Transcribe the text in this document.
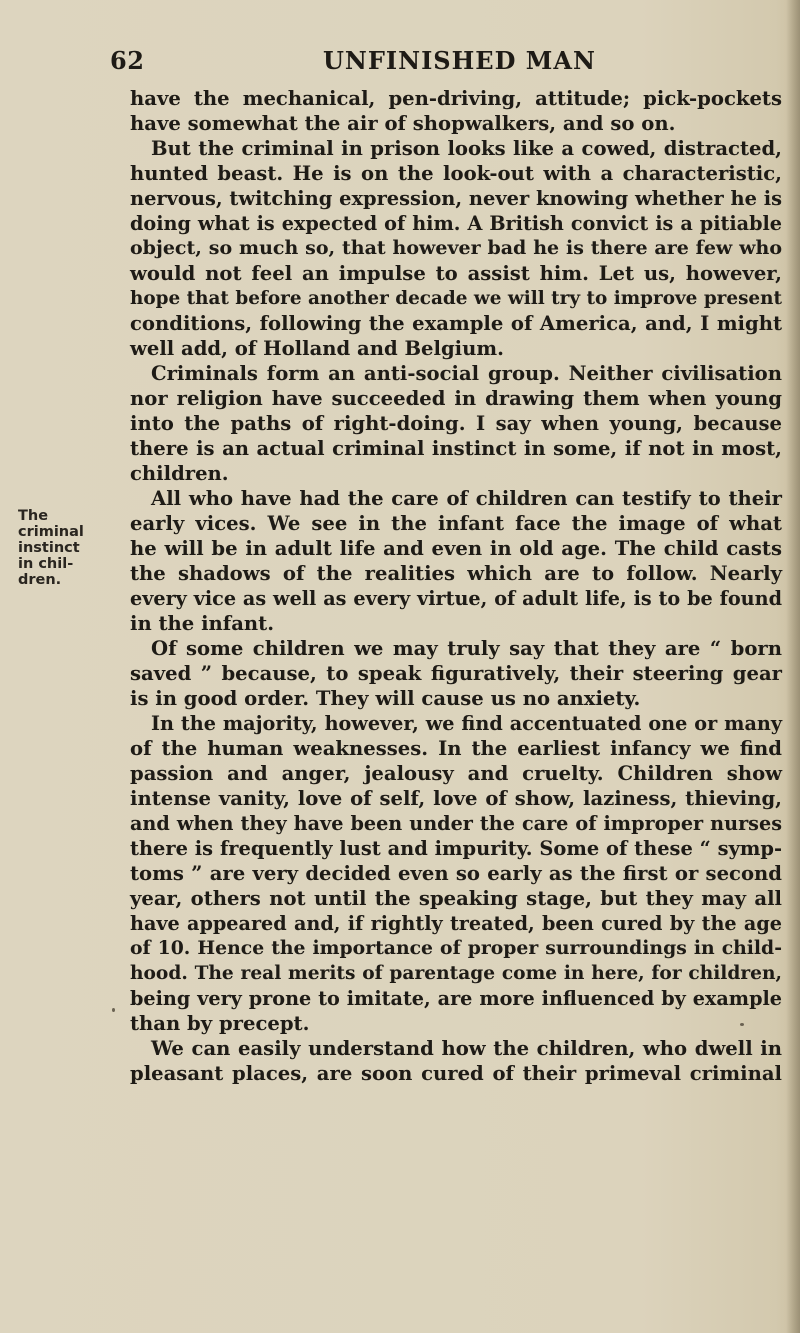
62	UNFINISHED MAN
The
criminal
instinct
in chil-
dren.
have the mechanical, pen-driving, attitude; pick-pockets
have somewhat the air of shopwalkers, and so on.
But the criminal in prison looks like a cowed, distracted,
hunted beast. He is on the look-out with a characteristic,
nervous, twitching expression, never knowing whether he is
doing what is expected of him. A British convict is a pitiable
object, so much so, that however bad he is there are few who
would not feel an impulse to assist him. Let us, however,
hope that before another decade we will try to improve present
conditions, following the example of America, and, I might
well add, of Holland and Belgium.
Criminals form an anti-social group. Neither civilisation
nor religion have succeeded in drawing them when young
into the paths of right-doing. I say when young, because
there is an actual criminal instinct in some, if not in most,
children.
All who have had the care of children can testify to their
early vices. We see in the infant face the image of what
he will be in adult life and even in old age. The child casts
the shadows of the realities which are to follow. Nearly
every vice as well as every virtue, of adult life, is to be found
in the infant.
Of some children we may truly say that they are “ born
saved ” because, to speak figuratively, their steering gear
is in good order. They will cause us no anxiety.
In the majority, however, we find accentuated one or many
of the human weaknesses. In the earliest infancy we find
passion and anger, jealousy and cruelty. Children show
intense vanity, love of self, love of show, laziness, thieving,
and when they have been under the care of improper nurses
there is frequently lust and impurity. Some of these “ symp-
toms ” are very decided even so early as the first or second
year, others not until the speaking stage, but they may all
have appeared and, if rightly treated, been cured by the age
of 10. Hence the importance of proper surroundings in child-
hood. The real merits of parentage come in here, for children,
being very prone to imitate, are more influenced by example
than by precept.
We can easily understand how the children, who dwell in
pleasant places, are soon cured of their primeval criminal
